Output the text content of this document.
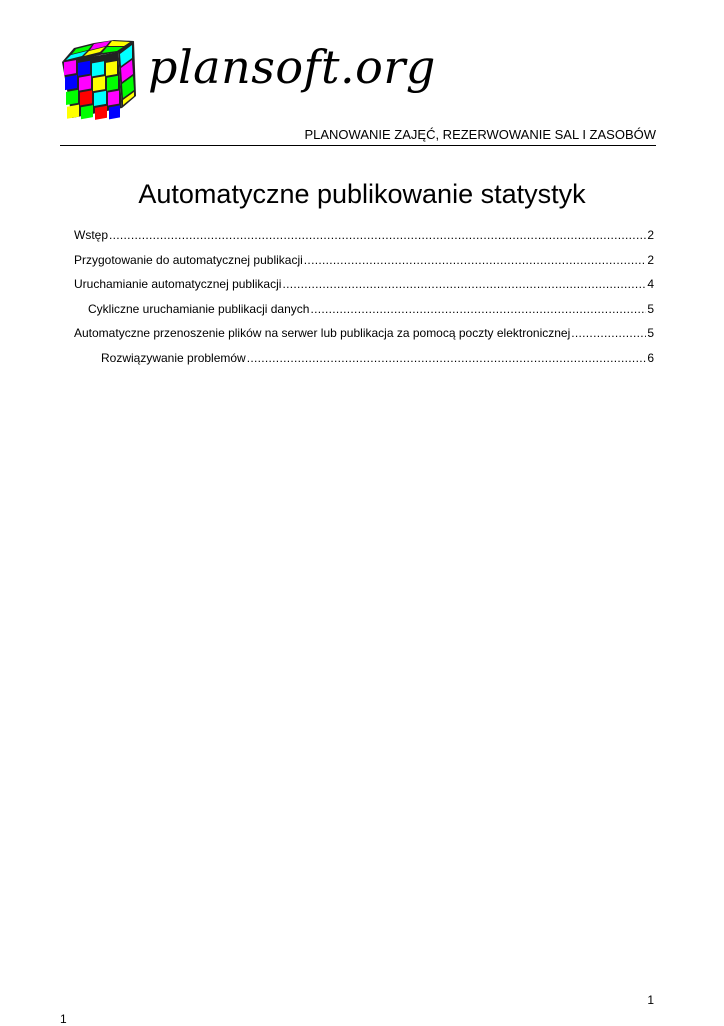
plansoft.org
PLANOWANIE ZAJĘĆ, REZERWOWANIE SAL I ZASOBÓW
Automatyczne publikowanie statystyk
Wstęp .....	2
Przygotowanie do automatycznej publikacji .....	2
Uruchamianie automatycznej publikacji .....	4
Cykliczne uruchamianie publikacji danych .....	5
Automatyczne przenoszenie plików na serwer lub publikacja za pomocą poczty elektronicznej .....	5
Rozwiązywanie problemów .....	6
1
1
